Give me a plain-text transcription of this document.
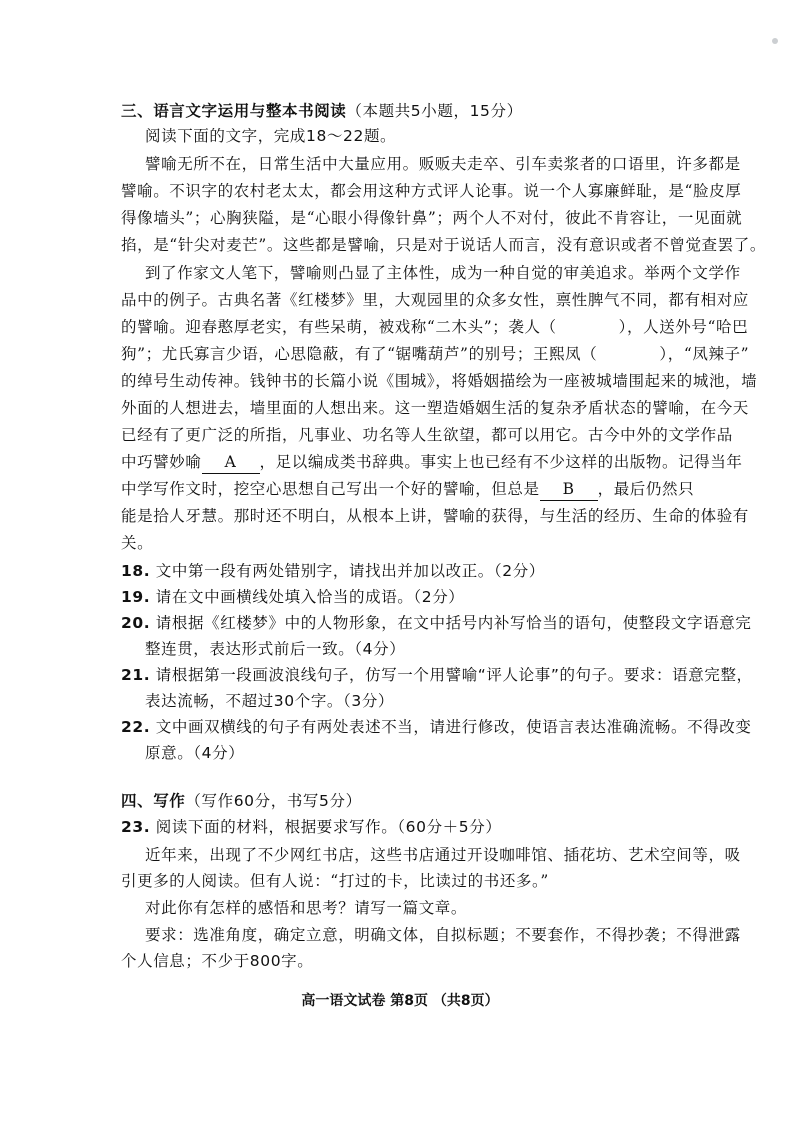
三、语言文字运用与整本书阅读（本题共5小题，15分）
阅读下面的文字，完成18～22题。
譬喻无所不在，日常生活中大量应用。贩贩夫走卒、引车卖浆者的口语里，许多都是
譬喻。不识字的农村老太太，都会用这种方式评人论事。说一个人寡廉鲜耻，是“脸皮厚
得像墙头”；心胸狭隘，是“心眼小得像针鼻”；两个人不对付，彼此不肯容让，一见面就
掐，是“针尖对麦芒”。这些都是譬喻，只是对于说话人而言，没有意识或者不曾觉查罢了。
到了作家文人笔下，譬喻则凸显了主体性，成为一种自觉的审美追求。举两个文学作
品中的例子。古典名著《红楼梦》里，大观园里的众多女性，禀性脾气不同，都有相对应
的譬喻。迎春憨厚老实，有些呆萌，被戏称“二木头”；袭人（	），人送外号“哈巴
狗”；尤氏寡言少语，心思隐蔽，有了“锯嘴葫芦”的别号；王熙凤（	），“凤辣子”
的绰号生动传神。钱钟书的长篇小说《围城》，将婚姻描绘为一座被城墙围起来的城池，墙
外面的人想进去，墙里面的人想出来。这一塑造婚姻生活的复杂矛盾状态的譬喻，在今天
已经有了更广泛的所指，凡事业、功名等人生欲望，都可以用它。古今中外的文学作品
中巧譬妙喻 A ，足以编成类书辞典。事实上也已经有不少这样的出版物。记得当年
中学写作文时，挖空心思想自己写出一个好的譬喻，但总是 B ，最后仍然只
能是拾人牙慧。那时还不明白，从根本上讲，譬喻的获得，与生活的经历、生命的体验有
关。
18. 文中第一段有两处错别字，请找出并加以改正。（2分）
19. 请在文中画横线处填入恰当的成语。（2分）
20. 请根据《红楼梦》中的人物形象，在文中括号内补写恰当的语句，使整段文字语意完
整连贯，表达形式前后一致。（4分）
21. 请根据第一段画波浪线句子，仿写一个用譬喻“评人论事”的句子。要求：语意完整，
表达流畅，不超过30个字。（3分）
22. 文中画双横线的句子有两处表述不当，请进行修改，使语言表达准确流畅。不得改变
原意。（4分）
四、写作（写作60分，书写5分）
23. 阅读下面的材料，根据要求写作。（60分＋5分）
近年来，出现了不少网红书店，这些书店通过开设咖啡馆、插花坊、艺术空间等，吸
引更多的人阅读。但有人说：“打过的卡，比读过的书还多。”
对此你有怎样的感悟和思考？请写一篇文章。
要求：选准角度，确定立意，明确文体，自拟标题；不要套作，不得抄袭；不得泄露
个人信息；不少于800字。
高一语文试卷 第8页 （共8页）
